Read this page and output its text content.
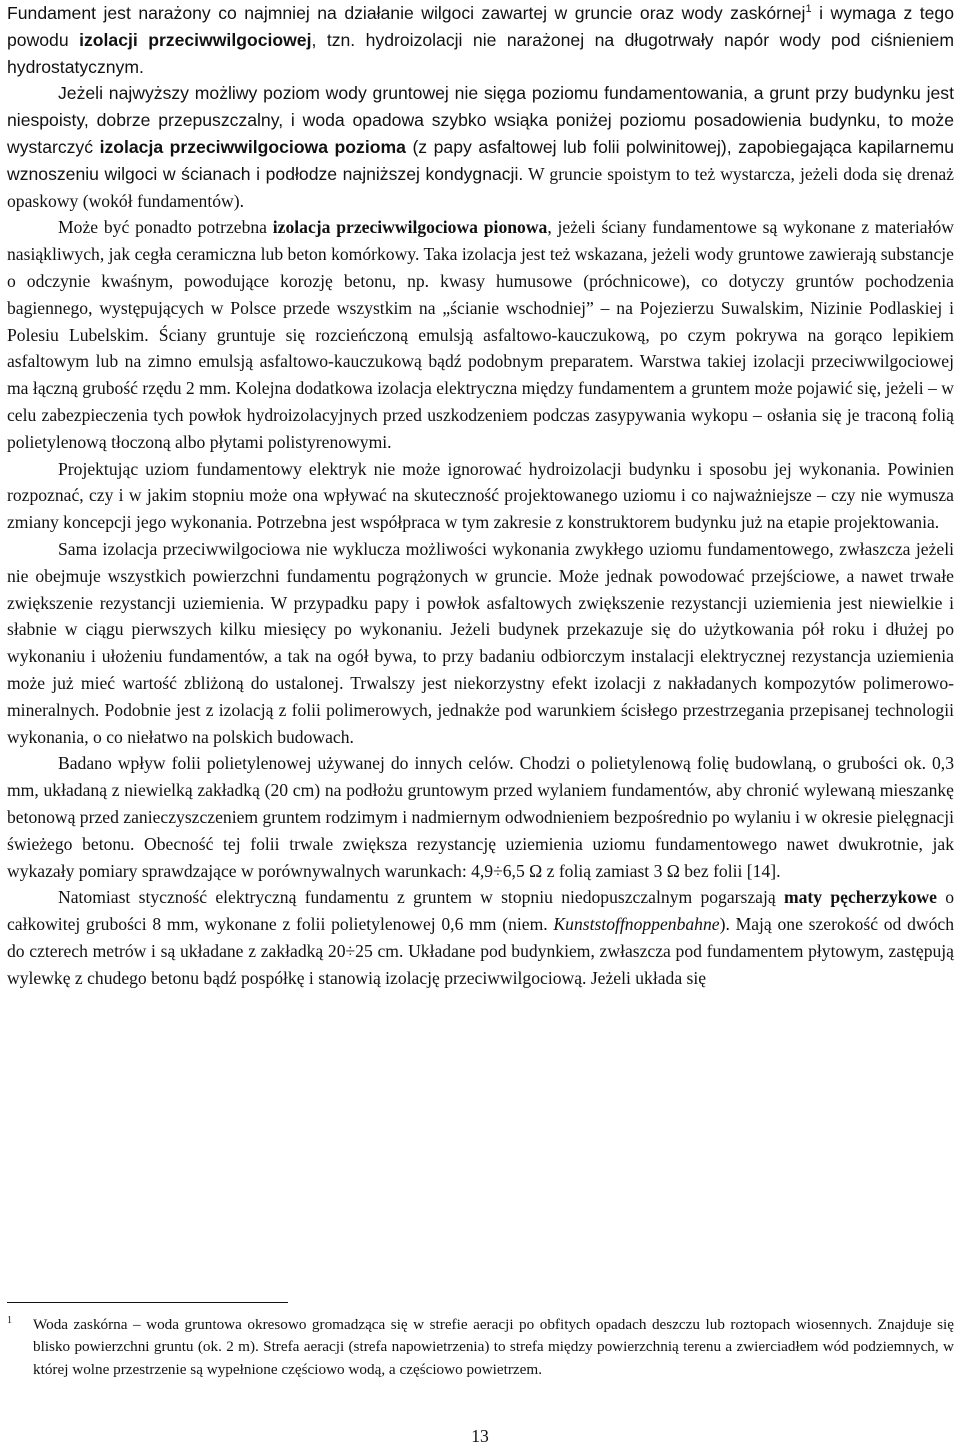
Fundament jest narażony co najmniej na działanie wilgoci zawartej w gruncie oraz wody zaskórnej$^1$ i wymaga z tego powodu izolacji przeciwwilgociowej, tzn. hydroizolacji nie narażonej na długotrwały napór wody pod ciśnieniem hydrostatycznym.

Jeżeli najwyższy możliwy poziom wody gruntowej nie sięga poziomu fundamentowania, a grunt przy budynku jest niespoisty, dobrze przepuszczalny, i woda opadowa szybko wsiąka poniżej poziomu posadowienia budynku, to może wystarczyć izolacja przeciwwilgociowa pozioma (z papy asfaltowej lub folii polwinitowej), zapobiegająca kapilarnemu wznoszeniu wilgoci w ścianach i podłodze najniższej kondygnacji. W gruncie spoistym to też wystarcza, jeżeli doda się drenaż opaskowy (wokół fundamentów).

Może być ponadto potrzebna izolacja przeciwwilgociowa pionowa, jeżeli ściany fundamentowe są wykonane z materiałów nasiąkliwych, jak cegła ceramiczna lub beton komórkowy. Taka izolacja jest też wskazana, jeżeli wody gruntowe zawierają substancje o odczynie kwaśnym, powodujące korozję betonu, np. kwasy humusowe (próchnicowe), co dotyczy gruntów pochodzenia bagiennego, występujących w Polsce przede wszystkim na „ścianie wschodniej” – na Pojezierzu Suwalskim, Nizinie Podlaskiej i Polesiu Lubelskim. Ściany gruntuje się rozcieńczoną emulsją asfaltowo-kauczukową, po czym pokrywa na gorąco lepikiem asfaltowym lub na zimno emulsją asfaltowo-kauczukową bądź podobnym preparatem. Warstwa takiej izolacji przeciwwilgociowej ma łączną grubość rzędu 2 mm. Kolejna dodatkowa izolacja elektryczna między fundamentem a gruntem może pojawić się, jeżeli – w celu zabezpieczenia tych powłok hydroizolacyjnych przed uszkodzeniem podczas zasypywania wykopu – osłania się je traconą folią polietylenową tłoczoną albo płytami polistyrenowymi.

Projektując uziom fundamentowy elektryk nie może ignorować hydroizolacji budynku i sposobu jej wykonania. Powinien rozpoznać, czy i w jakim stopniu może ona wpływać na skuteczność projektowanego uziomu i co najważniejsze – czy nie wymusza zmiany koncepcji jego wykonania. Potrzebna jest współpraca w tym zakresie z konstruktorem budynku już na etapie projektowania.

Sama izolacja przeciwwilgociowa nie wyklucza możliwości wykonania zwykłego uziomu fundamentowego, zwłaszcza jeżeli nie obejmuje wszystkich powierzchni fundamentu pogrążonych w gruncie. Może jednak powodować przejściowe, a nawet trwałe zwiększenie rezystancji uziemienia. W przypadku papy i powłok asfaltowych zwiększenie rezystancji uziemienia jest niewielkie i słabnie w ciągu pierwszych kilku miesięcy po wykonaniu. Jeżeli budynek przekazuje się do użytkowania pół roku i dłużej po wykonaniu i ułożeniu fundamentów, a tak na ogół bywa, to przy badaniu odbiorczym instalacji elektrycznej rezystancja uziemienia może już mieć wartość zbliżoną do ustalonej. Trwalszy jest niekorzystny efekt izolacji z nakładanych kompozytów polimerowo-mineralnych. Podobnie jest z izolacją z folii polimerowych, jednakże pod warunkiem ścisłego przestrzegania przepisanej technologii wykonania, o co niełatwo na polskich budowach.

Badano wpływ folii polietylenowej używanej do innych celów. Chodzi o polietylenową folię budowlaną, o grubości ok. 0,3 mm, układaną z niewielką zakładką (20 cm) na podłożu gruntowym przed wylaniem fundamentów, aby chronić wylewaną mieszankę betonową przed zanieczyszczeniem gruntem rodzimym i nadmiernym odwodnieniem bezpośrednio po wylaniu i w okresie pielęgnacji świeżego betonu. Obecność tej folii trwale zwiększa rezystancję uziemienia uziomu fundamentowego nawet dwukrotnie, jak wykazały pomiary sprawdzające w porównywalnych warunkach: 4,9÷6,5 Ω z folią zamiast 3 Ω bez folii [14].

Natomiast styczność elektryczną fundamentu z gruntem w stopniu niedopuszczalnym pogarszają maty pęcherzykowe o całkowitej grubości 8 mm, wykonane z folii polietylenowej 0,6 mm (niem. Kunststoffnoppenbahne). Mają one szerokość od dwóch do czterech metrów i są układane z zakładką 20÷25 cm. Układane pod budynkiem, zwłaszcza pod fundamentem płytowym, zastępują wylewkę z chudego betonu bądź pospółkę i stanowią izolację przeciwwilgociową. Jeżeli układa się

1 Woda zaskórna – woda gruntowa okresowo gromadząca się w strefie aeracji po obfitych opadach deszczu lub roztopach wiosennych. Znajduje się blisko powierzchni gruntu (ok. 2 m). Strefa aeracji (strefa napowietrzenia) to strefa między powierzchnią terenu a zwierciadłem wód podziemnych, w której wolne przestrzenie są wypełnione częściowo wodą, a częściowo powietrzem.
13
